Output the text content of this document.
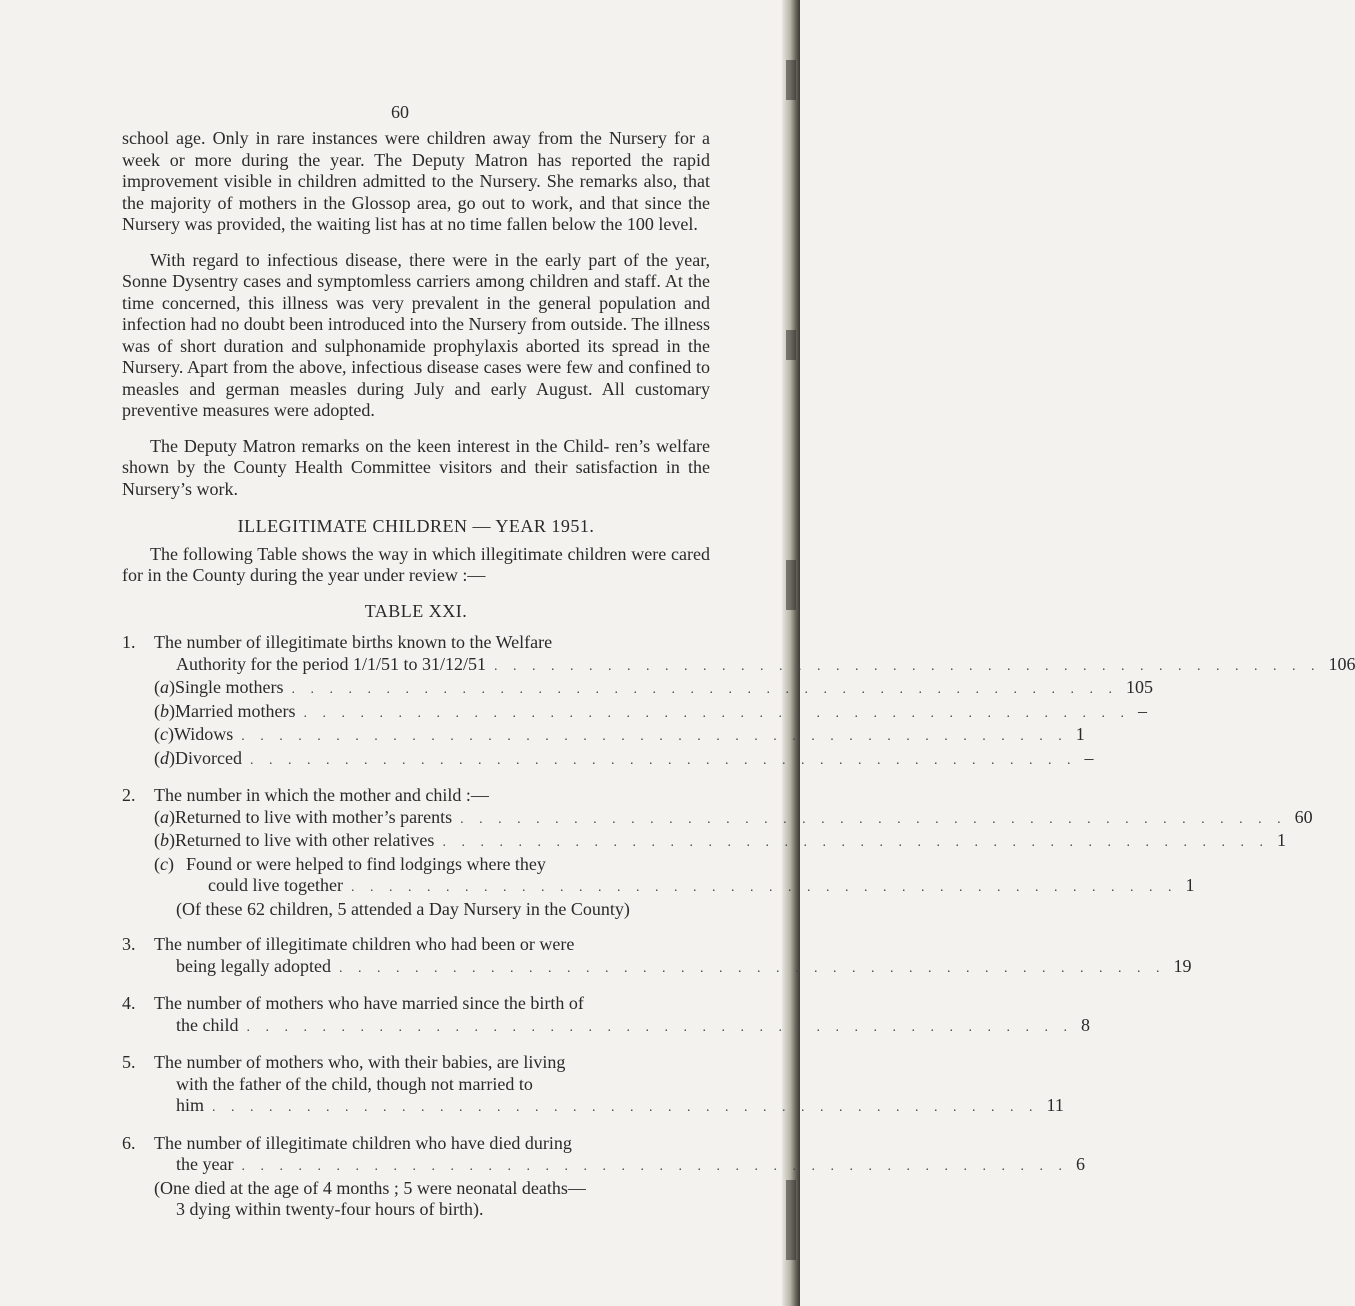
60

school age. Only in rare instances were children away from the Nursery for a week or more during the year. The Deputy Matron has reported the rapid improvement visible in children admitted to the Nursery. She remarks also, that the majority of mothers in the Glossop area, go out to work, and that since the Nursery was provided, the waiting list has at no time fallen below the 100 level.

With regard to infectious disease, there were in the early part of the year, Sonne Dysentry cases and symptomless carriers among children and staff. At the time concerned, this illness was very prevalent in the general population and infection had no doubt been introduced into the Nursery from outside. The illness was of short duration and sulphonamide prophylaxis aborted its spread in the Nursery. Apart from the above, infectious disease cases were few and confined to measles and german measles during July and early August. All customary preventive measures were adopted.

The Deputy Matron remarks on the keen interest in the Child- ren’s welfare shown by the County Health Committee visitors and their satisfaction in the Nursery’s work.

ILLEGITIMATE CHILDREN — YEAR 1951.

The following Table shows the way in which illegitimate children were cared for in the County during the year under review :—

TABLE XXI.
1. The number of illegitimate births known to the Welfare
Authority for the period 1/1/51 to 31/12/51 . . . . . . . . . . . . . . . . . . . . . . . . . . . . . . . . . . . . . . . . . . . . 106
(a) Single mothers . . . . . . . . . . . . . . . . . . . . . . . . . . . . . . . . . . . . . . . . . . . . 105
(b) Married mothers . . . . . . . . . . . . . . . . . . . . . . . . . . . . . . . . . . . . . . . . . . . . –
(c) Widows . . . . . . . . . . . . . . . . . . . . . . . . . . . . . . . . . . . . . . . . . . . . 1
(d) Divorced . . . . . . . . . . . . . . . . . . . . . . . . . . . . . . . . . . . . . . . . . . . . –
2. The number in which the mother and child :—
(a) Returned to live with mother’s parents . . . . . . . . . . . . . . . . . . . . . . . . . . . . . . . . . . . . . . . . . . . . 60
(b) Returned to live with other relatives . . . . . . . . . . . . . . . . . . . . . . . . . . . . . . . . . . . . . . . . . . . . 1
(c) Found or were helped to find lodgings where they
could live together . . . . . . . . . . . . . . . . . . . . . . . . . . . . . . . . . . . . . . . . . . . . 1
(Of these 62 children, 5 attended a Day Nursery in the County)
3. The number of illegitimate children who had been or were
being legally adopted . . . . . . . . . . . . . . . . . . . . . . . . . . . . . . . . . . . . . . . . . . . . 19
4. The number of mothers who have married since the birth of
the child . . . . . . . . . . . . . . . . . . . . . . . . . . . . . . . . . . . . . . . . . . . . 8
5. The number of mothers who, with their babies, are living
with the father of the child, though not married to
him . . . . . . . . . . . . . . . . . . . . . . . . . . . . . . . . . . . . . . . . . . . . 11
6. The number of illegitimate children who have died during
the year . . . . . . . . . . . . . . . . . . . . . . . . . . . . . . . . . . . . . . . . . . . . 6
(One died at the age of 4 months ; 5 were neonatal deaths—
3 dying within twenty-four hours of birth).
